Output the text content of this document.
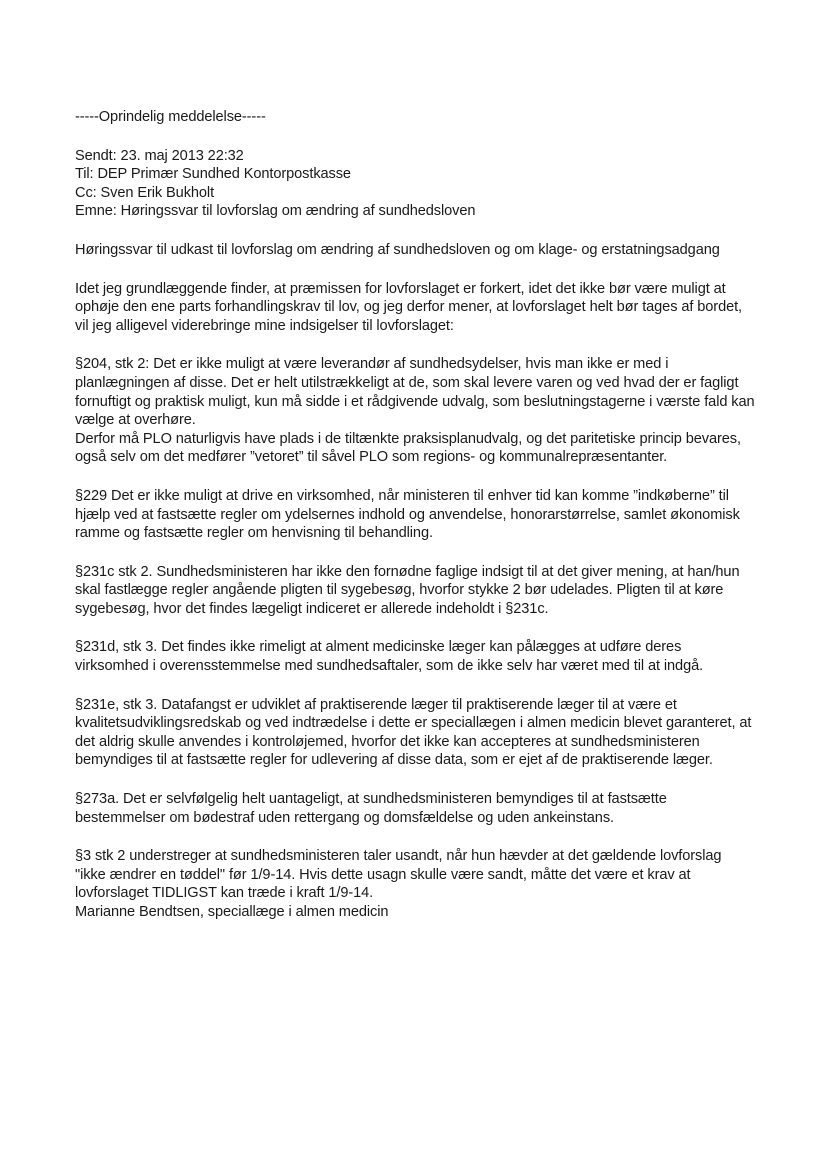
-----Oprindelig meddelelse-----

Sendt: 23. maj 2013 22:32

Til: DEP Primær Sundhed Kontorpostkasse

Cc: Sven Erik Bukholt

Emne: Høringssvar til lovforslag om ændring af sundhedsloven

Høringssvar til udkast til lovforslag om ændring af sundhedsloven og om klage- og erstatningsadgang

Idet jeg grundlæggende finder, at præmissen for lovforslaget er forkert, idet det ikke bør være muligt at ophøje den ene parts forhandlingskrav til lov, og jeg derfor mener, at lovforslaget helt bør tages af bordet, vil jeg alligevel viderebringe mine indsigelser til lovforslaget:

§204, stk 2: Det er ikke muligt at være leverandør af sundhedsydelser, hvis man ikke er med i planlægningen af disse. Det er helt utilstrækkeligt at de, som skal levere varen og ved hvad der er fagligt fornuftigt og praktisk muligt, kun må sidde i et rådgivende udvalg, som beslutningstagerne i værste fald kan vælge at overhøre.

Derfor må PLO naturligvis have plads i de tiltænkte praksisplanudvalg, og det paritetiske princip bevares, også selv om det medfører ”vetoret” til såvel PLO som regions- og kommunalrepræsentanter.

§229 Det er ikke muligt at drive en virksomhed, når ministeren til enhver tid kan komme ”indkøberne” til hjælp ved at fastsætte regler om ydelsernes indhold og anvendelse, honorarstørrelse, samlet økonomisk ramme og fastsætte regler om henvisning til behandling.

§231c stk 2. Sundhedsministeren har ikke den fornødne faglige indsigt til at det giver mening, at han/hun skal fastlægge regler angående pligten til sygebesøg, hvorfor stykke 2 bør udelades. Pligten til at køre sygebesøg, hvor det findes lægeligt indiceret er allerede indeholdt i §231c.

§231d, stk 3. Det findes ikke rimeligt at alment medicinske læger kan pålægges at udføre deres virksomhed i overensstemmelse med sundhedsaftaler, som de ikke selv har været med til at indgå.

§231e, stk 3. Datafangst er udviklet af praktiserende læger til praktiserende læger til at være et kvalitetsudviklingsredskab og ved indtrædelse i dette er speciallægen i almen medicin blevet garanteret, at det aldrig skulle anvendes i kontroløjemed, hvorfor det ikke kan accepteres at sundhedsministeren bemyndiges til at fastsætte regler for udlevering af disse data, som er ejet af de praktiserende læger.

§273a. Det er selvfølgelig helt uantageligt, at sundhedsministeren bemyndiges til at fastsætte bestemmelser om bødestraf uden rettergang og domsfældelse og uden ankeinstans.

§3 stk 2 understreger at sundhedsministeren taler usandt, når hun hævder at det gældende lovforslag "ikke ændrer en tøddel" før 1/9-14. Hvis dette usagn skulle være sandt, måtte det være et krav at lovforslaget TIDLIGST kan træde i kraft 1/9-14.

Marianne Bendtsen, speciallæge i almen medicin
